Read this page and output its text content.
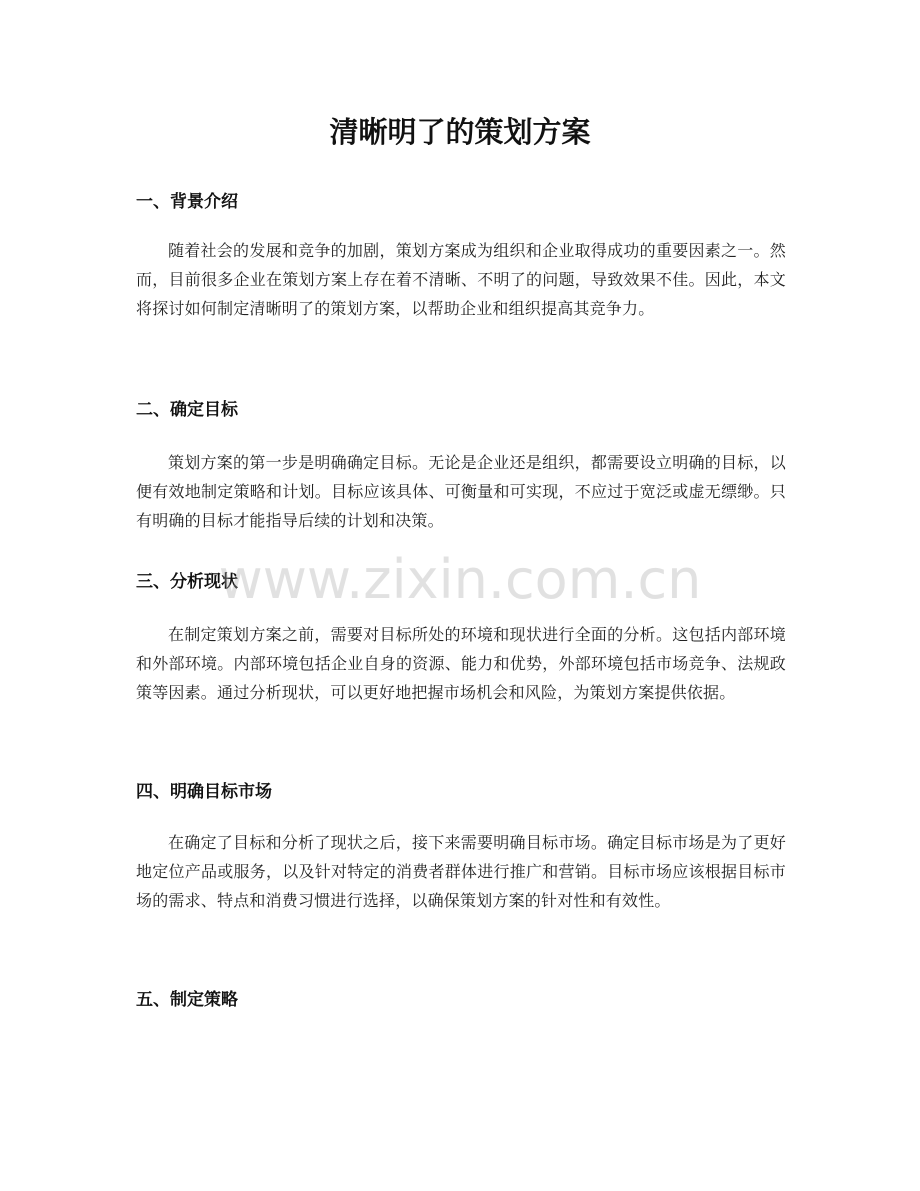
清晰明了的策划方案
一、背景介绍

随着社会的发展和竞争的加剧，策划方案成为组织和企业取得成功的重要因素之一。然而，目前很多企业在策划方案上存在着不清晰、不明了的问题，导致效果不佳。因此，本文将探讨如何制定清晰明了的策划方案，以帮助企业和组织提高其竞争力。

二、确定目标

策划方案的第一步是明确确定目标。无论是企业还是组织，都需要设立明确的目标，以便有效地制定策略和计划。目标应该具体、可衡量和可实现，不应过于宽泛或虚无缥缈。只有明确的目标才能指导后续的计划和决策。

三、分析现状

在制定策划方案之前，需要对目标所处的环境和现状进行全面的分析。这包括内部环境和外部环境。内部环境包括企业自身的资源、能力和优势，外部环境包括市场竞争、法规政策等因素。通过分析现状，可以更好地把握市场机会和风险，为策划方案提供依据。

四、明确目标市场

在确定了目标和分析了现状之后，接下来需要明确目标市场。确定目标市场是为了更好地定位产品或服务，以及针对特定的消费者群体进行推广和营销。目标市场应该根据目标市场的需求、特点和消费习惯进行选择，以确保策划方案的针对性和有效性。

五、制定策略
www.zixin.com.cn
